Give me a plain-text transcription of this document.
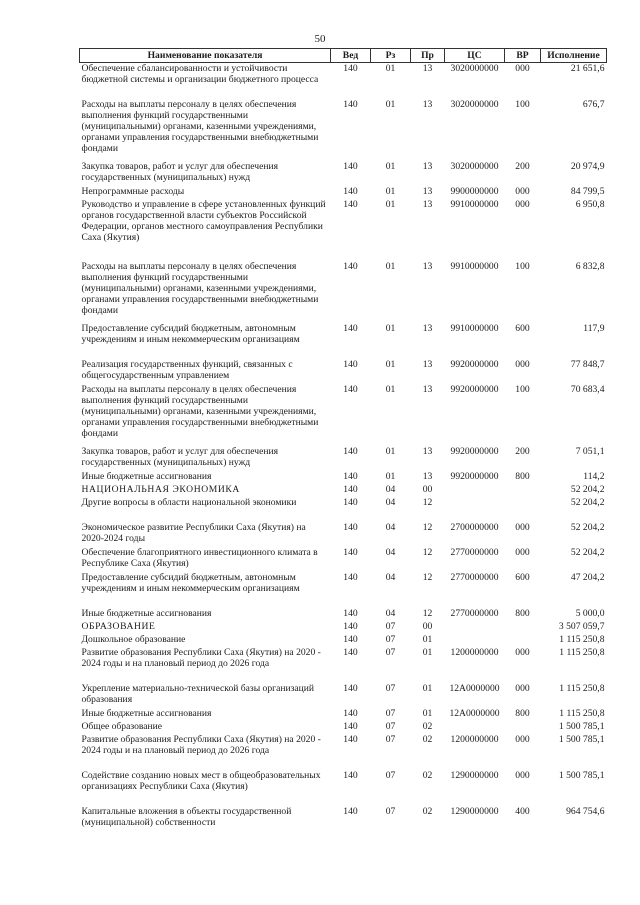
50
Наименование показателя	Вед	Рз	Пр	ЦС	ВР	Исполнение
Обеспечение сбалансированности и устойчивости бюджетной системы и организации бюджетного процесса	140	01	13	3020000000	000	21 651,6
Расходы на выплаты персоналу в целях обеспечения выполнения функций государственными (муниципальными) органами, казенными учреждениями, органами управления государственными внебюджетными фондами	140	01	13	3020000000	100	676,7
Закупка товаров, работ и услуг для обеспечения государственных (муниципальных) нужд	140	01	13	3020000000	200	20 974,9
Непрограммные расходы	140	01	13	9900000000	000	84 799,5
Руководство и управление в сфере установленных функций органов государственной власти субъектов Российской Федерации, органов местного самоуправления Республики Саха (Якутия)	140	01	13	9910000000	000	6 950,8
Расходы на выплаты персоналу в целях обеспечения выполнения функций государственными (муниципальными) органами, казенными учреждениями, органами управления государственными внебюджетными фондами	140	01	13	9910000000	100	6 832,8
Предоставление субсидий бюджетным, автономным учреждениям и иным некоммерческим организациям	140	01	13	9910000000	600	117,9
Реализация государственных функций, связанных с общегосударственным управлением	140	01	13	9920000000	000	77 848,7
Расходы на выплаты персоналу в целях обеспечения выполнения функций государственными (муниципальными) органами, казенными учреждениями, органами управления государственными внебюджетными фондами	140	01	13	9920000000	100	70 683,4
Закупка товаров, работ и услуг для обеспечения государственных (муниципальных) нужд	140	01	13	9920000000	200	7 051,1
Иные бюджетные ассигнования	140	01	13	9920000000	800	114,2
НАЦИОНАЛЬНАЯ ЭКОНОМИКА	140	04	00			52 204,2
Другие вопросы в области национальной экономики	140	04	12			52 204,2
Экономическое развитие Республики Саха (Якутия) на 2020-2024 годы	140	04	12	2700000000	000	52 204,2
Обеспечение благоприятного инвестиционного климата в Республике Саха (Якутия)	140	04	12	2770000000	000	52 204,2
Предоставление субсидий бюджетным, автономным учреждениям и иным некоммерческим организациям	140	04	12	2770000000	600	47 204,2
Иные бюджетные ассигнования	140	04	12	2770000000	800	5 000,0
ОБРАЗОВАНИЕ	140	07	00			3 507 059,7
Дошкольное образование	140	07	01			1 115 250,8
Развитие образования Республики Саха (Якутия) на 2020 - 2024 годы и на плановый период до 2026 года	140	07	01	1200000000	000	1 115 250,8
Укрепление материально-технической базы организаций образования	140	07	01	12А0000000	000	1 115 250,8
Иные бюджетные ассигнования	140	07	01	12А0000000	800	1 115 250,8
Общее образование	140	07	02			1 500 785,1
Развитие образования Республики Саха (Якутия) на 2020 - 2024 годы и на плановый период до 2026 года	140	07	02	1200000000	000	1 500 785,1
Содействие созданию новых мест в общеобразовательных организациях Республики Саха (Якутия)	140	07	02	1290000000	000	1 500 785,1
Капитальные вложения в объекты государственной (муниципальной) собственности	140	07	02	1290000000	400	964 754,6
